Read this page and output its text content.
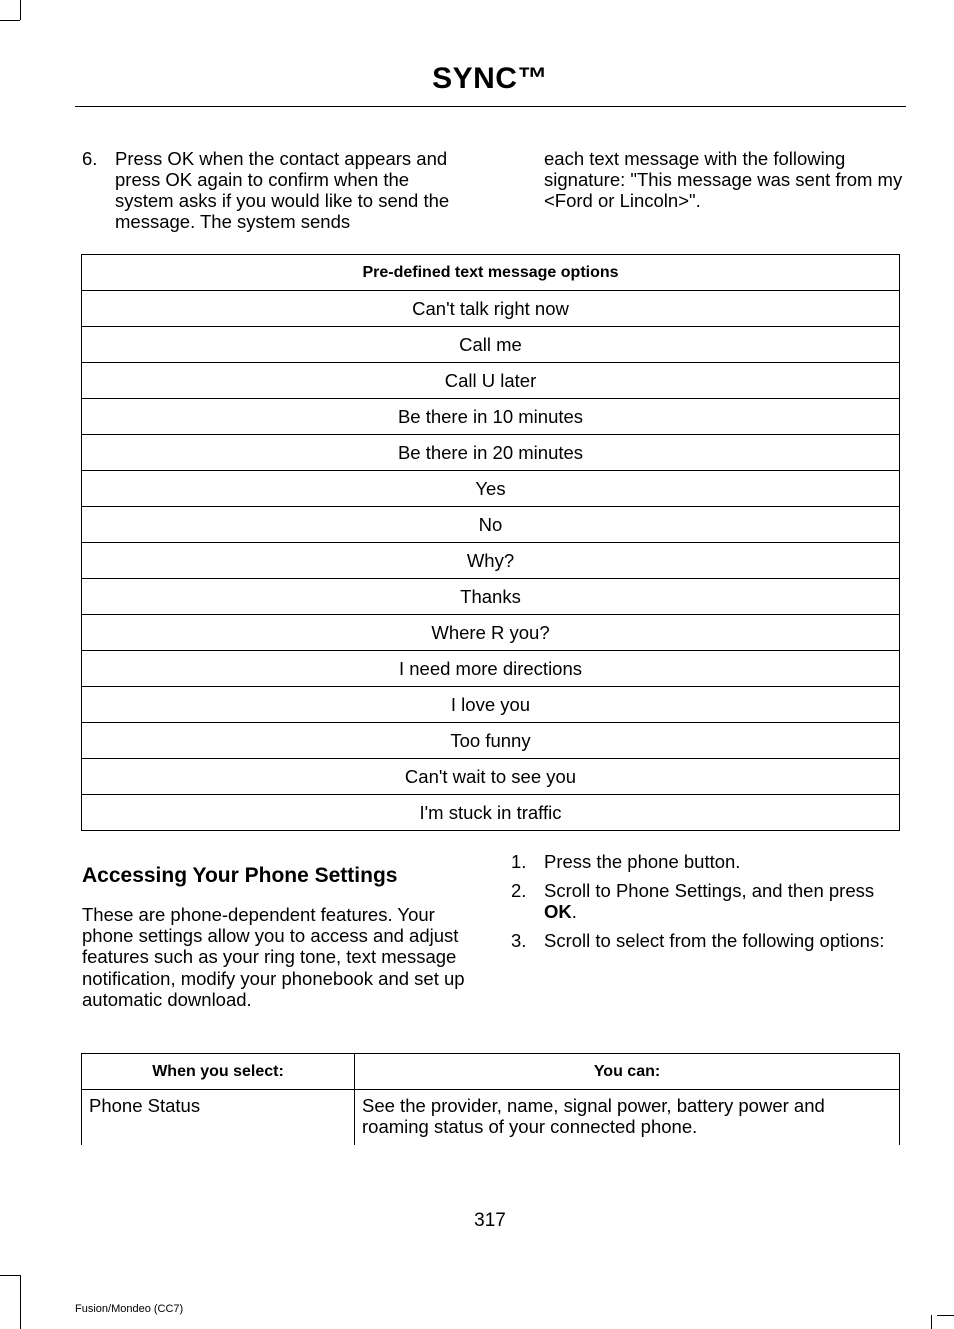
SYNC™
6. Press OK when the contact appears and press OK again to confirm when the system asks if you would like to send the message. The system sends
each text message with the following signature: "This message was sent from my <Ford or Lincoln>".
Pre-defined text message options
Can't talk right now
Call me
Call U later
Be there in 10 minutes
Be there in 20 minutes
Yes
No
Why?
Thanks
Where R you?
I need more directions
I love you
Too funny
Can't wait to see you
I'm stuck in traffic
Accessing Your Phone Settings
These are phone-dependent features. Your phone settings allow you to access and adjust features such as your ring tone, text message notification, modify your phonebook and set up automatic download.
1. Press the phone button.
2. Scroll to Phone Settings, and then press OK.
3. Scroll to select from the following options:
When you select:	You can:
Phone Status	See the provider, name, signal power, battery power and roaming status of your connected phone.
317
Fusion/Mondeo (CC7)
